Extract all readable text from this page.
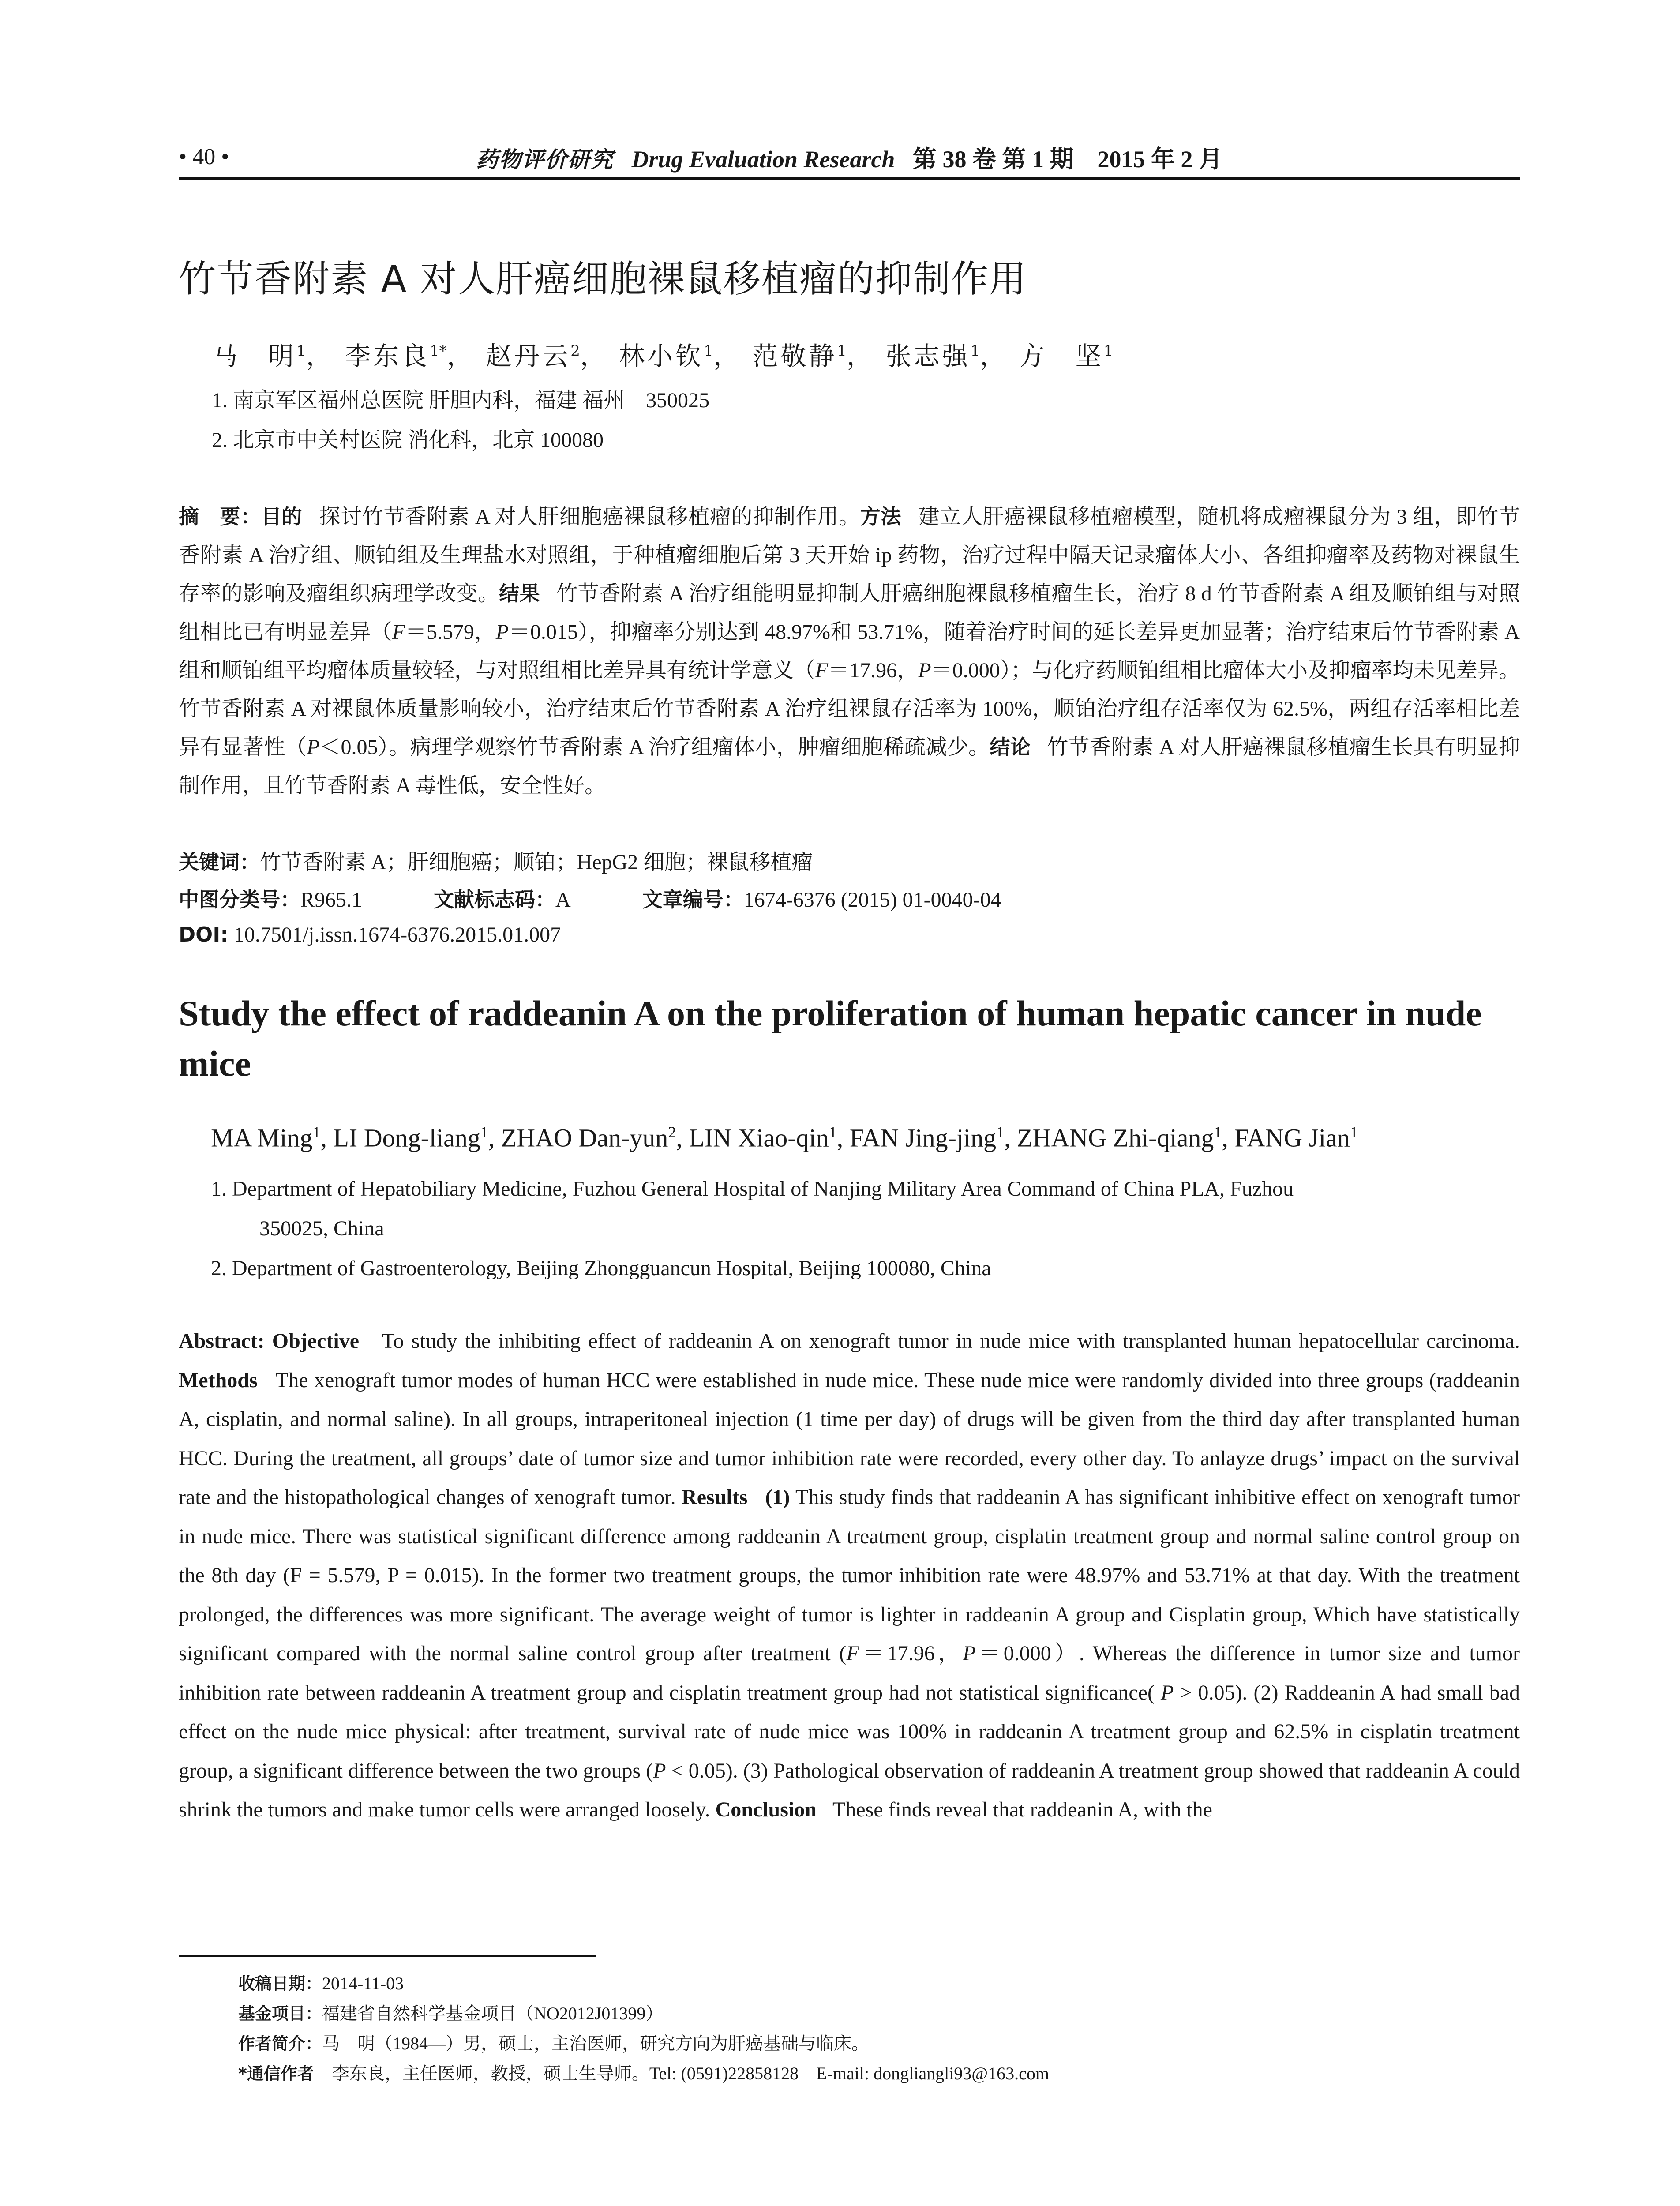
• 40 •	药物评价研究 Drug Evaluation Research 第 38 卷 第 1 期　2015 年 2 月
竹节香附素 A 对人肝癌细胞裸鼠移植瘤的抑制作用
马　明$^1$， 李东良$^{1*}$， 赵丹云$^2$， 林小钦$^1$， 范敬静$^1$， 张志强$^1$， 方　坚$^1$
1. 南京军区福州总医院 肝胆内科，福建 福州　350025
2. 北京市中关村医院 消化科，北京 100080
摘　要：目的 探讨竹节香附素 A 对人肝细胞癌裸鼠移植瘤的抑制作用。方法 建立人肝癌裸鼠移植瘤模型，随机将成瘤裸鼠分为 3 组，即竹节香附素 A 治疗组、顺铂组及生理盐水对照组，于种植瘤细胞后第 3 天开始 ip 药物，治疗过程中隔天记录瘤体大小、各组抑瘤率及药物对裸鼠生存率的影响及瘤组织病理学改变。结果 竹节香附素 A 治疗组能明显抑制人肝癌细胞裸鼠移植瘤生长，治疗 8 d 竹节香附素 A 组及顺铂组与对照组相比已有明显差异（F＝5.579，P＝0.015），抑瘤率分别达到 48.97%和 53.71%，随着治疗时间的延长差异更加显著；治疗结束后竹节香附素 A 组和顺铂组平均瘤体质量较轻，与对照组相比差异具有统计学意义（F＝17.96，P＝0.000）；与化疗药顺铂组相比瘤体大小及抑瘤率均未见差异。竹节香附素 A 对裸鼠体质量影响较小，治疗结束后竹节香附素 A 治疗组裸鼠存活率为 100%，顺铂治疗组存活率仅为 62.5%，两组存活率相比差异有显著性（P＜0.05）。病理学观察竹节香附素 A 治疗组瘤体小，肿瘤细胞稀疏减少。结论 竹节香附素 A 对人肝癌裸鼠移植瘤生长具有明显抑制作用，且竹节香附素 A 毒性低，安全性好。
关键词：竹节香附素 A；肝细胞癌；顺铂；HepG2 细胞；裸鼠移植瘤
中图分类号：R965.1	文献标志码：A	文章编号：1674-6376 (2015) 01-0040-04
DOI: 10.7501/j.issn.1674-6376.2015.01.007
Study the effect of raddeanin A on the proliferation of human hepatic cancer in nude mice
MA Ming$^1$, LI Dong-liang$^1$, ZHAO Dan-yun$^2$, LIN Xiao-qin$^1$, FAN Jing-jing$^1$, ZHANG Zhi-qiang$^1$, FANG Jian$^1$
1. Department of Hepatobiliary Medicine, Fuzhou General Hospital of Nanjing Military Area Command of China PLA, Fuzhou
350025, China
2. Department of Gastroenterology, Beijing Zhongguancun Hospital, Beijing 100080, China
Abstract: Objective To study the inhibiting effect of raddeanin A on xenograft tumor in nude mice with transplanted human hepatocellular carcinoma. Methods The xenograft tumor modes of human HCC were established in nude mice. These nude mice were randomly divided into three groups (raddeanin A, cisplatin, and normal saline). In all groups, intraperitoneal injection (1 time per day) of drugs will be given from the third day after transplanted human HCC. During the treatment, all groups’ date of tumor size and tumor inhibition rate were recorded, every other day. To anlayze drugs’ impact on the survival rate and the histopathological changes of xenograft tumor. Results (1) This study finds that raddeanin A has significant inhibitive effect on xenograft tumor in nude mice. There was statistical significant difference among raddeanin A treatment group, cisplatin treatment group and normal saline control group on the 8th day (F = 5.579, P = 0.015). In the former two treatment groups, the tumor inhibition rate were 48.97% and 53.71% at that day. With the treatment prolonged, the differences was more significant. The average weight of tumor is lighter in raddeanin A group and Cisplatin group, Which have statistically significant compared with the normal saline control group after treatment (F＝17.96，P＝0.000）. Whereas the difference in tumor size and tumor inhibition rate between raddeanin A treatment group and cisplatin treatment group had not statistical significance( P > 0.05). (2) Raddeanin A had small bad effect on the nude mice physical: after treatment, survival rate of nude mice was 100% in raddeanin A treatment group and 62.5% in cisplatin treatment group, a significant difference between the two groups (P < 0.05). (3) Pathological observation of raddeanin A treatment group showed that raddeanin A could shrink the tumors and make tumor cells were arranged loosely. Conclusion These finds reveal that raddeanin A, with the
收稿日期：2014-11-03
基金项目：福建省自然科学基金项目（NO2012J01399）
作者简介：马　明（1984—）男，硕士，主治医师，研究方向为肝癌基础与临床。
*通信作者　李东良，主任医师，教授，硕士生导师。Tel: (0591)22858128　E-mail: dongliangli93@163.com
